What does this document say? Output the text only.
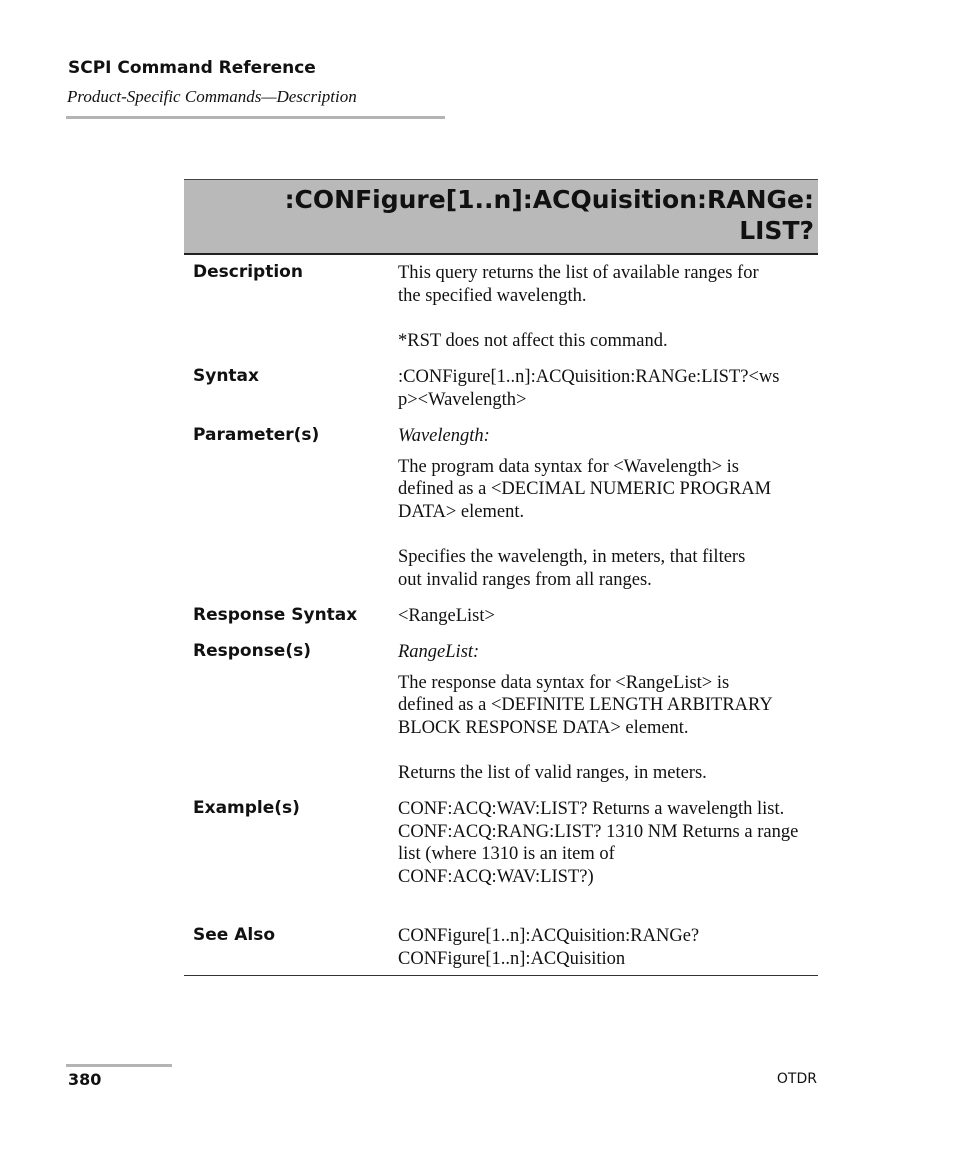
SCPI Command Reference
Product-Specific Commands—Description
:CONFigure[1..n]:ACQuisition:RANGe:
LIST?
Description	This query returns the list of available ranges for

the specified wavelength.

*RST does not affect this command.

Syntax	:CONFigure[1..n]:ACQuisition:RANGe:LIST?<ws

p><Wavelength>

Parameter(s)	Wavelength:

The program data syntax for <Wavelength> is

defined as a <DECIMAL NUMERIC PROGRAM

DATA> element.

Specifies the wavelength, in meters, that filters

out invalid ranges from all ranges.

Response Syntax <RangeList>

Response(s)	RangeList:

The response data syntax for <RangeList> is

defined as a <DEFINITE LENGTH ARBITRARY

BLOCK RESPONSE DATA> element.

Returns the list of valid ranges, in meters.

Example(s)	CONF:ACQ:WAV:LIST? Returns a wavelength list.

CONF:ACQ:RANG:LIST? 1310 NM Returns a range

list (where 1310 is an item of

CONF:ACQ:WAV:LIST?)

See Also	CONFigure[1..n]:ACQuisition:RANGe?

CONFigure[1..n]:ACQuisition

380	OTDR
